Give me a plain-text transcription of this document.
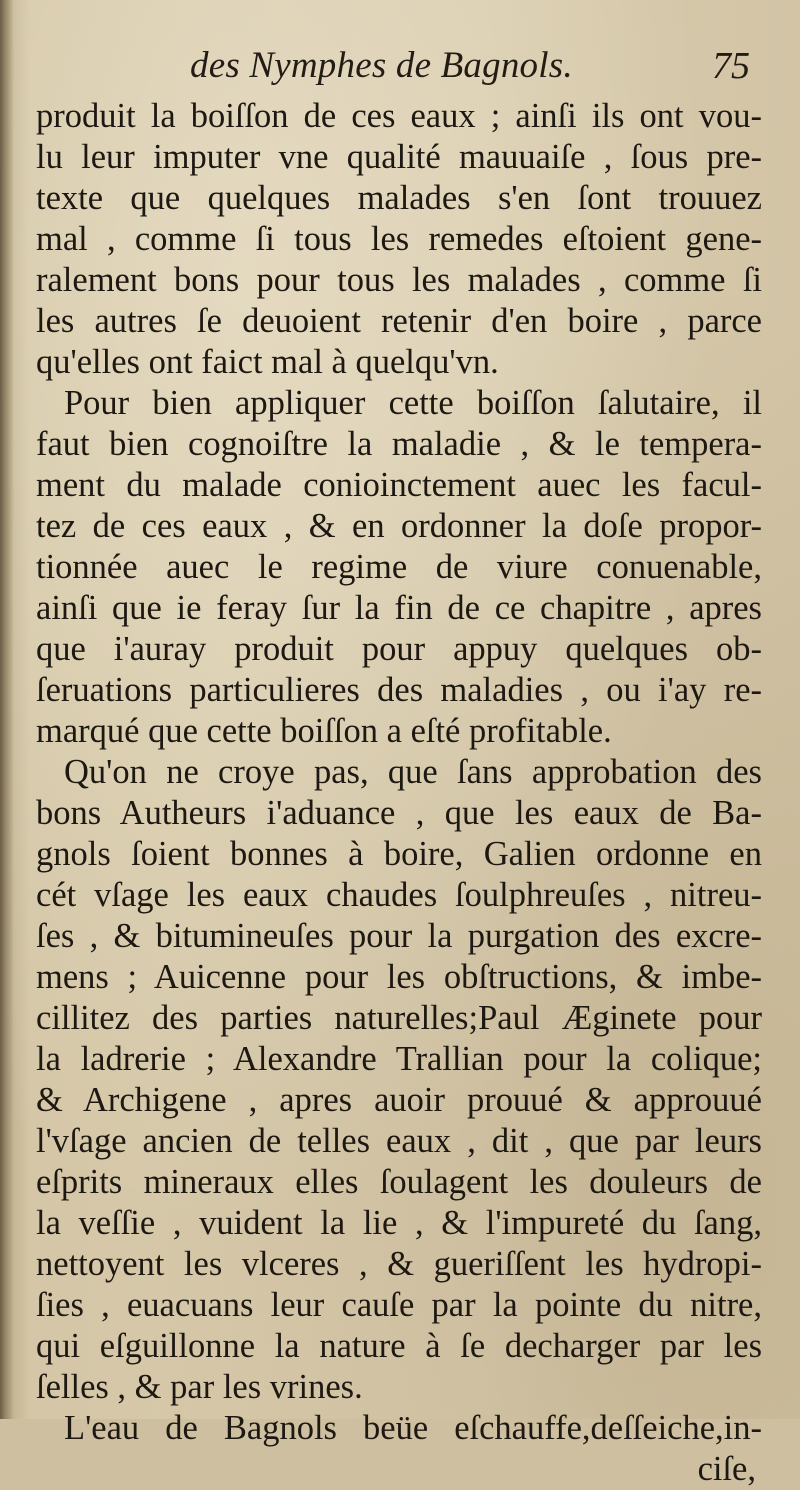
des Nymphes de Bagnols.	75
produit la boiſſon de ces eaux ; ainſi ils ont vou-
lu leur imputer vne qualité mauuaiſe , ſous pre-
texte que quelques malades s'en ſont trouuez
mal , comme ſi tous les remedes eſtoient gene-
ralement bons pour tous les malades , comme ſi
les autres ſe deuoient retenir d'en boire , parce
qu'elles ont faict mal à quelqu'vn.
Pour bien appliquer cette boiſſon ſalutaire, il
faut bien cognoiſtre la maladie , & le tempera-
ment du malade conioinctement auec les facul-
tez de ces eaux , & en ordonner la doſe propor-
tionnée auec le regime de viure conuenable,
ainſi que ie feray ſur la fin de ce chapitre , apres
que i'auray produit pour appuy quelques ob-
ſeruations particulieres des maladies , ou i'ay re-
marqué que cette boiſſon a eſté profitable.
Qu'on ne croye pas, que ſans approbation des
bons Autheurs i'aduance , que les eaux de Ba-
gnols ſoient bonnes à boire, Galien ordonne en
cét vſage les eaux chaudes ſoulphreuſes , nitreu-
ſes , & bitumineuſes pour la purgation des excre-
mens ; Auicenne pour les obſtructions, & imbe-
cillitez des parties naturelles;Paul Æginete pour
la ladrerie ; Alexandre Trallian pour la colique;
& Archigene , apres auoir prouué & approuué
l'vſage ancien de telles eaux , dit , que par leurs
eſprits mineraux elles ſoulagent les douleurs de
la veſſie , vuident la lie , & l'impureté du ſang,
nettoyent les vlceres , & gueriſſent les hydropi-
ſies , euacuans leur cauſe par la pointe du nitre,
qui eſguillonne la nature à ſe decharger par les
ſelles , & par les vrines.
L'eau de Bagnols beüe eſchauffe,deſſeiche,in-
ciſe,
